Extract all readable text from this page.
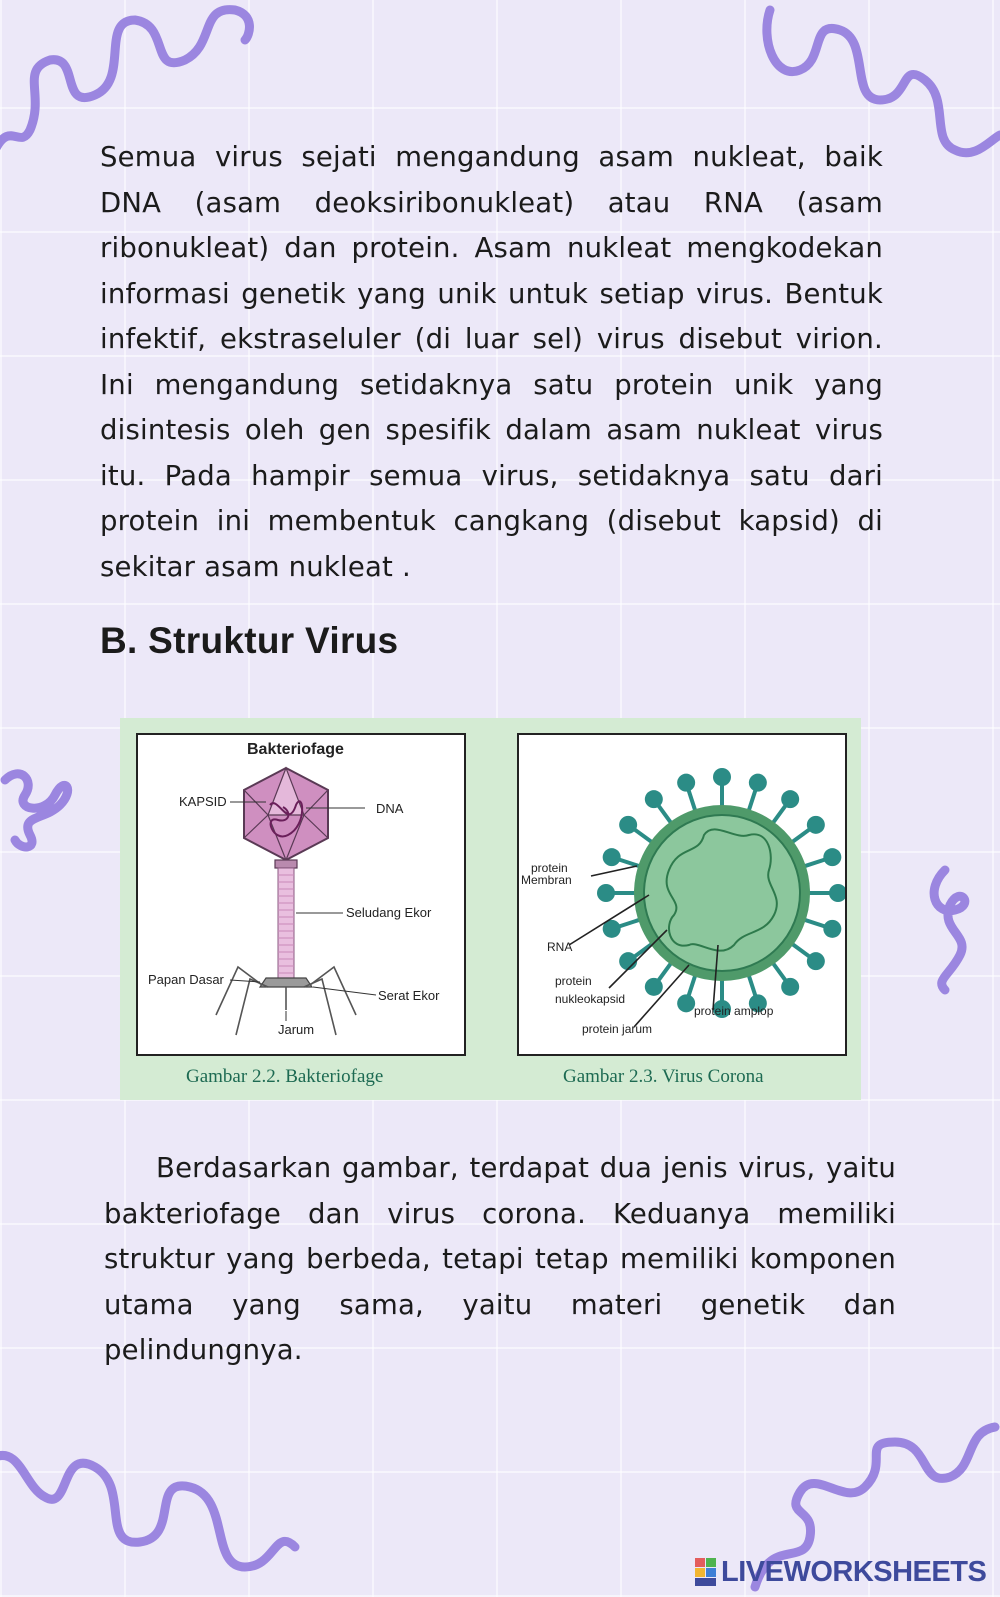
Semua virus sejati mengandung asam nukleat, baik DNA (asam deoksiribonukleat) atau RNA (asam ribonukleat) dan protein. Asam nukleat mengkodekan informasi genetik yang unik untuk setiap virus. Bentuk infektif, ekstraseluler (di luar sel) virus disebut virion. Ini mengandung setidaknya satu protein unik yang disintesis oleh gen spesifik dalam asam nukleat virus itu. Pada hampir semua virus, setidaknya satu dari protein ini membentuk cangkang (disebut kapsid) di sekitar asam nukleat .

B. Struktur Virus
Bakteriofage
KAPSID	DNA
Seludang Ekor
Papan Dasar
Serat Ekor
Jarum
protein
Membran
RNA
protein
nukleokapsid
protein amplop
protein jarum
Gambar 2.2. Bakteriofage	Gambar 2.3. Virus Corona

Berdasarkan gambar, terdapat dua jenis virus, yaitu bakteriofage dan virus corona. Keduanya memiliki struktur yang berbeda, tetapi tetap memiliki komponen utama yang sama, yaitu materi genetik dan pelindungnya.

LIVEWORKSHEETS
